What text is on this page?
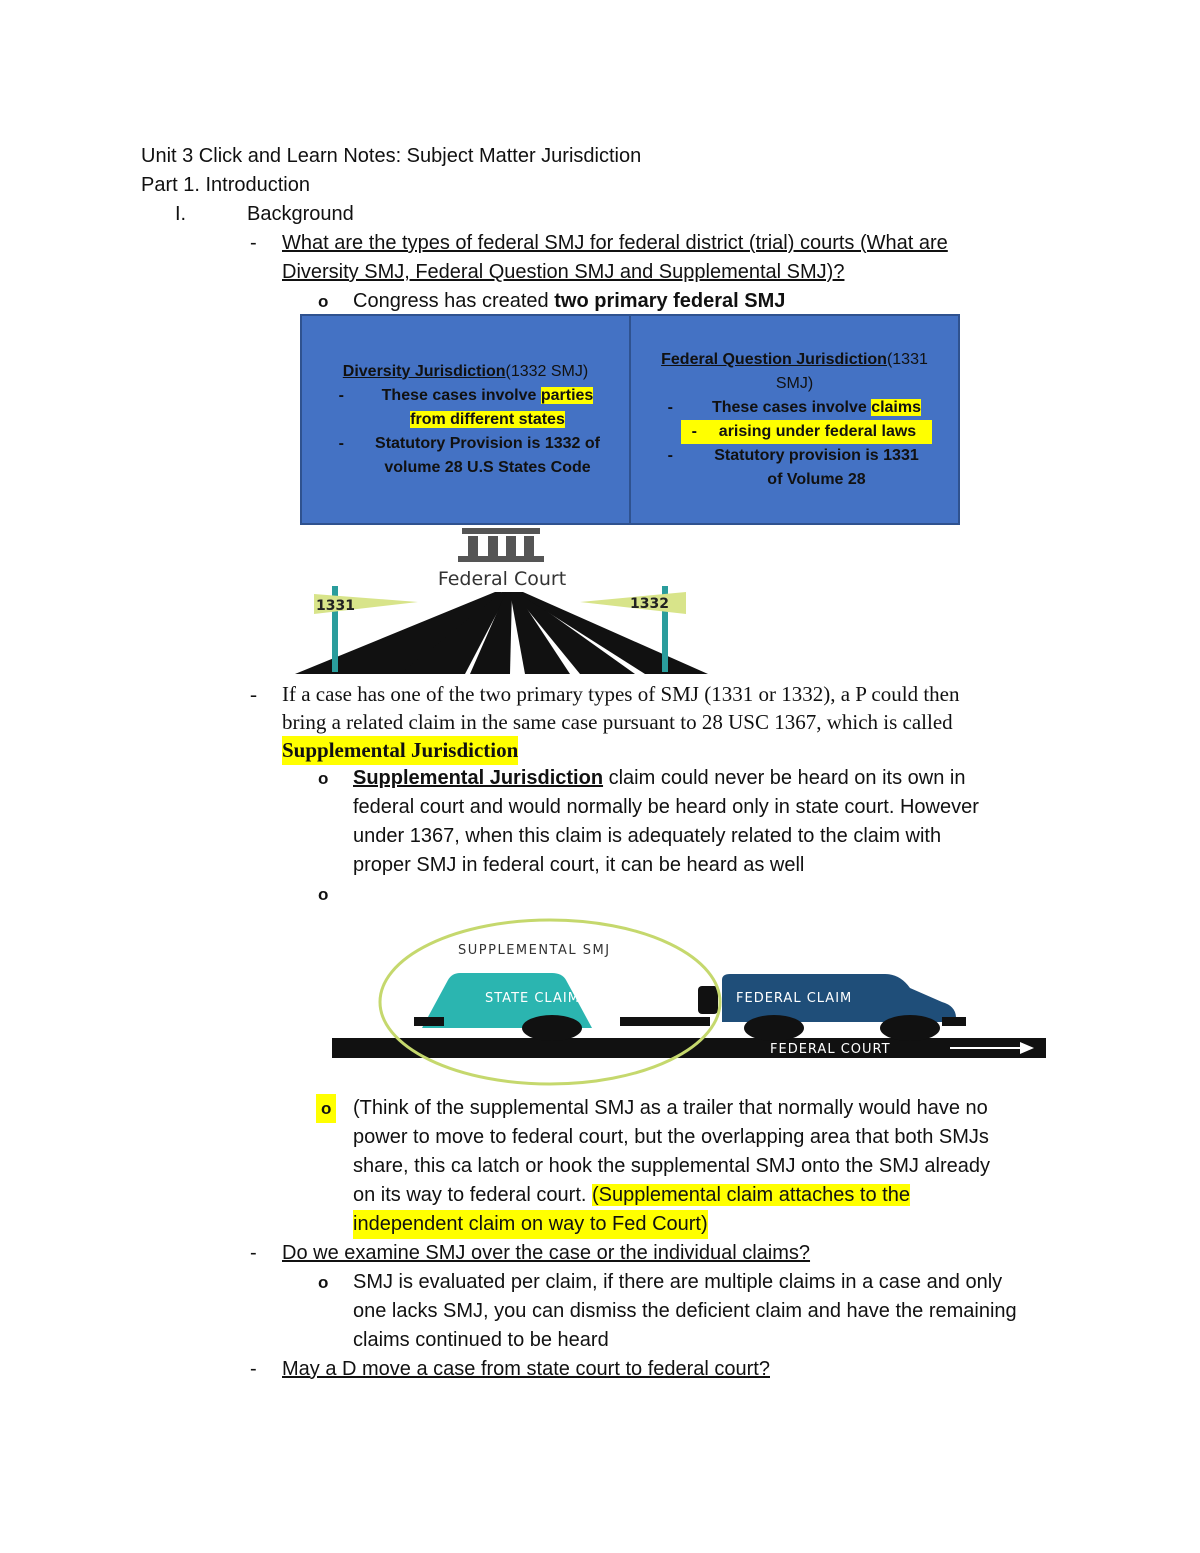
Unit 3 Click and Learn Notes: Subject Matter Jurisdiction
Part 1. Introduction
I.	Background
- What are the types of federal SMJ for federal district (trial) courts (What are
Diversity SMJ, Federal Question SMJ and Supplemental SMJ)?
o Congress has created two primary federal SMJ
Diversity Jurisdiction(1332 SMJ)
-	These cases involve parties
from different states
-	Statutory Provision is 1332 of
volume 28 U.S States Code
Federal Question Jurisdiction(1331
SMJ)
-	These cases involve claims
-	arising under federal laws
-	Statutory provision is 1331
of Volume 28
Federal Court
1331	1332
- If a case has one of the two primary types of SMJ (1331 or 1332), a P could then
bring a related claim in the same case pursuant to 28 USC 1367, which is called
Supplemental Jurisdiction
o Supplemental Jurisdiction claim could never be heard on its own in
federal court and would normally be heard only in state court. However
under 1367, when this claim is adequately related to the claim with
proper SMJ in federal court, it can be heard as well
o
FEDERAL COURT
STATE CLAIM	FEDERAL CLAIM
SUPPLEMENTAL SMJ
o (Think of the supplemental SMJ as a trailer that normally would have no
power to move to federal court, but the overlapping area that both SMJs
share, this ca latch or hook the supplemental SMJ onto the SMJ already
on its way to federal court. (Supplemental claim attaches to the
independent claim on way to Fed Court)
- Do we examine SMJ over the case or the individual claims?
o SMJ is evaluated per claim, if there are multiple claims in a case and only
one lacks SMJ, you can dismiss the deficient claim and have the remaining
claims continued to be heard
- May a D move a case from state court to federal court?
